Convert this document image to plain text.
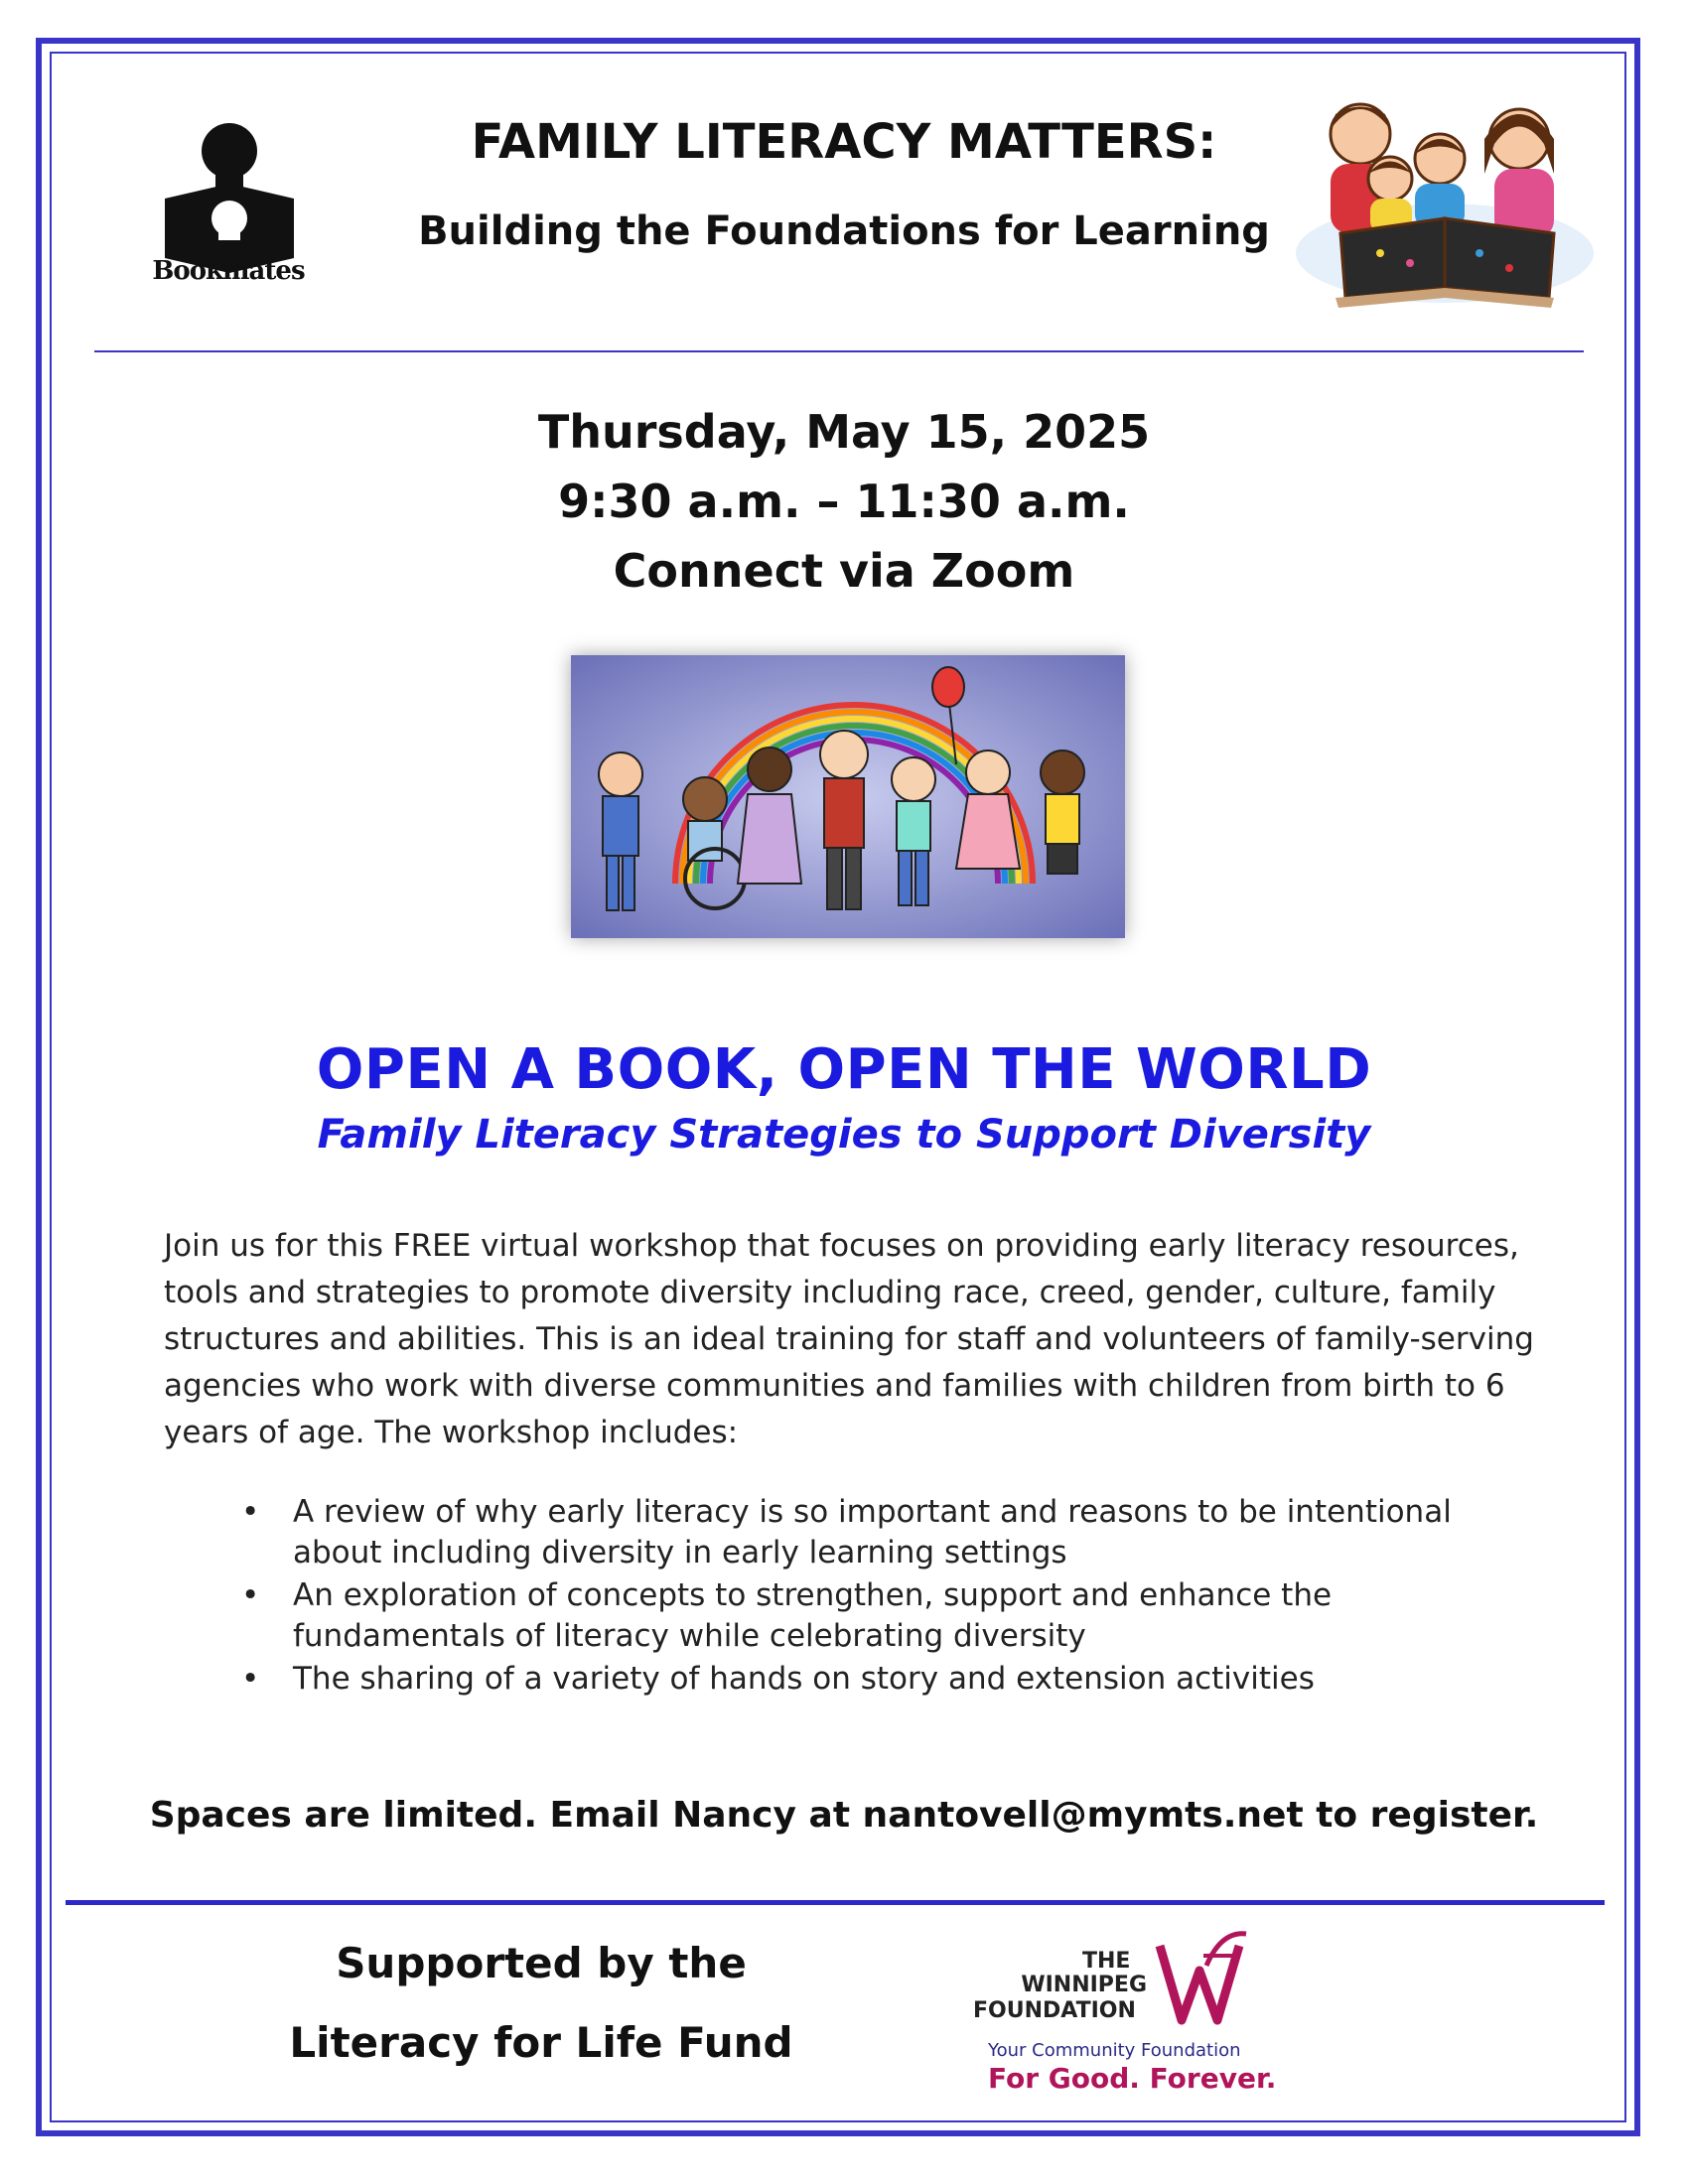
Bookmates
FAMILY LITERACY MATTERS:
Building the Foundations for Learning
Thursday, May 15, 2025
9:30 a.m. – 11:30 a.m.
Connect via Zoom
OPEN A BOOK, OPEN THE WORLD
Family Literacy Strategies to Support Diversity
Join us for this FREE virtual workshop that focuses on providing early literacy resources, tools and strategies to promote diversity including race, creed, gender, culture, family structures and abilities. This is an ideal training for staff and volunteers of family-serving agencies who work with diverse communities and families with children from birth to 6 years of age. The workshop includes:
• A review of why early literacy is so important and reasons to be intentional about including diversity in early learning settings
• An exploration of concepts to strengthen, support and enhance the fundamentals of literacy while celebrating diversity
• The sharing of a variety of hands on story and extension activities
Spaces are limited. Email Nancy at nantovell@mymts.net to register.
Supported by the
Literacy for Life Fund
THE
WINNIPEG
FOUNDATION
Your Community Foundation
For Good. Forever.
